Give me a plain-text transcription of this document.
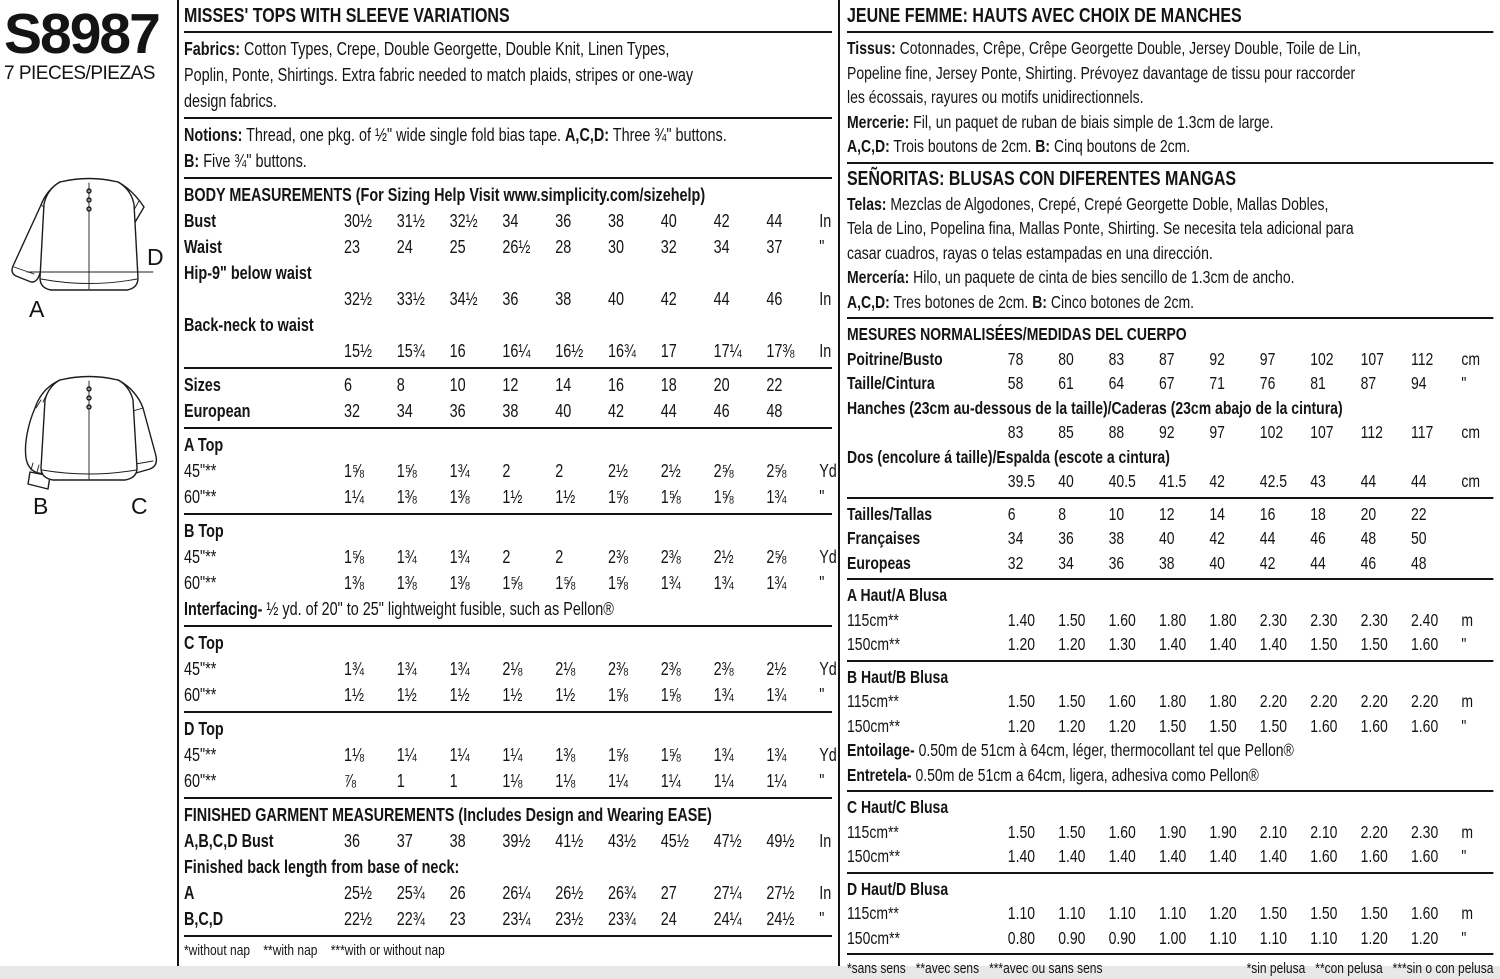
S8987
7 PIECES/PIEZAS
A
D
B	C
MISSES' TOPS WITH SLEEVE VARIATIONS
Fabrics: Cotton Types, Crepe, Double Georgette, Double Knit, Linen Types,
Poplin, Ponte, Shirtings. Extra fabric needed to match plaids, stripes or one-way
design fabrics.
Notions: Thread, one pkg. of ½" wide single fold bias tape. A,C,D: Three ¾" buttons.
B: Five ¾" buttons.
BODY MEASUREMENTS (For Sizing Help Visit www.simplicity.com/sizehelp)
Bust	30½	31½	32½	34	36	38	40	42	44	In
Waist	23	24	25	26½	28	30	32	34	37	"
Hip-9" below waist
32½	33½	34½	36	38	40	42	44	46	In
Back-neck to waist
15½	15¾	16	16¼	16½	16¾	17	17¼	17⅜	In
Sizes	6	8	10	12	14	16	18	20	22
European	32	34	36	38	40	42	44	46	48
A Top
45"**	1⅝	1⅝	1¾	2	2	2½	2½	2⅝	2⅝	Yd
60"**	1¼	1⅜	1⅜	1½	1½	1⅝	1⅝	1⅝	1¾	"
B Top
45"**	1⅝	1¾	1¾	2	2	2⅜	2⅜	2½	2⅝	Yd
60"**	1⅜	1⅜	1⅜	1⅝	1⅝	1⅝	1¾	1¾	1¾	"
Interfacing- ½ yd. of 20" to 25" lightweight fusible, such as Pellon®
C Top
45"**	1¾	1¾	1¾	2⅛	2⅛	2⅜	2⅜	2⅜	2½	Yd
60"**	1½	1½	1½	1½	1½	1⅝	1⅝	1¾	1¾	"
D Top
45"**	1⅛	1¼	1¼	1¼	1⅜	1⅝	1⅝	1¾	1¾	Yd
60"**	⅞	1	1	1⅛	1⅛	1¼	1¼	1¼	1¼	"
FINISHED GARMENT MEASUREMENTS (Includes Design and Wearing EASE)
A,B,C,D Bust	36	37	38	39½	41½	43½	45½	47½	49½	In
Finished back length from base of neck:
A	25½	25¾	26	26¼	26½	26¾	27	27¼	27½	In
B,C,D	22½	22¾	23	23¼	23½	23¾	24	24¼	24½	"
*without nap    **with nap    ***with or without nap
JEUNE FEMME: HAUTS AVEC CHOIX DE MANCHES
Tissus: Cotonnades, Crêpe, Crêpe Georgette Double, Jersey Double, Toile de Lin,
Popeline fine, Jersey Ponte, Shirting. Prévoyez davantage de tissu pour raccorder
les écossais, rayures ou motifs unidirectionnels.
Mercerie: Fil, un paquet de ruban de biais simple de 1.3cm de large.
A,C,D: Trois boutons de 2cm. B: Cinq boutons de 2cm.
SEÑORITAS: BLUSAS CON DIFERENTES MANGAS
Telas: Mezclas de Algodones, Crepé, Crepé Georgette Doble, Mallas Dobles,
Tela de Lino, Popelina fina, Mallas Ponte, Shirting. Se necesita tela adicional para
casar cuadros, rayas o telas estampadas en una dirección.
Mercería: Hilo, un paquete de cinta de bies sencillo de 1.3cm de ancho.
A,C,D: Tres botones de 2cm. B: Cinco botones de 2cm.
MESURES NORMALISÉES/MEDIDAS DEL CUERPO
Poitrine/Busto	78	80	83	87	92	97	102	107	112	cm
Taille/Cintura	58	61	64	67	71	76	81	87	94	"
Hanches (23cm au-dessous de la taille)/Caderas (23cm abajo de la cintura)
83	85	88	92	97	102	107	112	117	cm
Dos (encolure á taille)/Espalda (escote a cintura)
39.5	40	40.5	41.5	42	42.5	43	44	44	cm
Tailles/Tallas	6	8	10	12	14	16	18	20	22
Françaises	34	36	38	40	42	44	46	48	50
Europeas	32	34	36	38	40	42	44	46	48
A Haut/A Blusa
115cm**	1.40	1.50	1.60	1.80	1.80	2.30	2.30	2.30	2.40	m
150cm**	1.20	1.20	1.30	1.40	1.40	1.40	1.50	1.50	1.60	"
B Haut/B Blusa
115cm**	1.50	1.50	1.60	1.80	1.80	2.20	2.20	2.20	2.20	m
150cm**	1.20	1.20	1.20	1.50	1.50	1.50	1.60	1.60	1.60	"
Entoilage- 0.50m de 51cm à 64cm, léger, thermocollant tel que Pellon®
Entretela- 0.50m de 51cm a 64cm, ligera, adhesiva como Pellon®
C Haut/C Blusa
115cm**	1.50	1.50	1.60	1.90	1.90	2.10	2.10	2.20	2.30	m
150cm**	1.40	1.40	1.40	1.40	1.40	1.40	1.60	1.60	1.60	"
D Haut/D Blusa
115cm**	1.10	1.10	1.10	1.10	1.20	1.50	1.50	1.50	1.60	m
150cm**	0.80	0.90	0.90	1.00	1.10	1.10	1.10	1.20	1.20	"
*sans sens   **avec sens   ***avec ou sans sens	*sin pelusa   **con pelusa   ***sin o con pelusa
